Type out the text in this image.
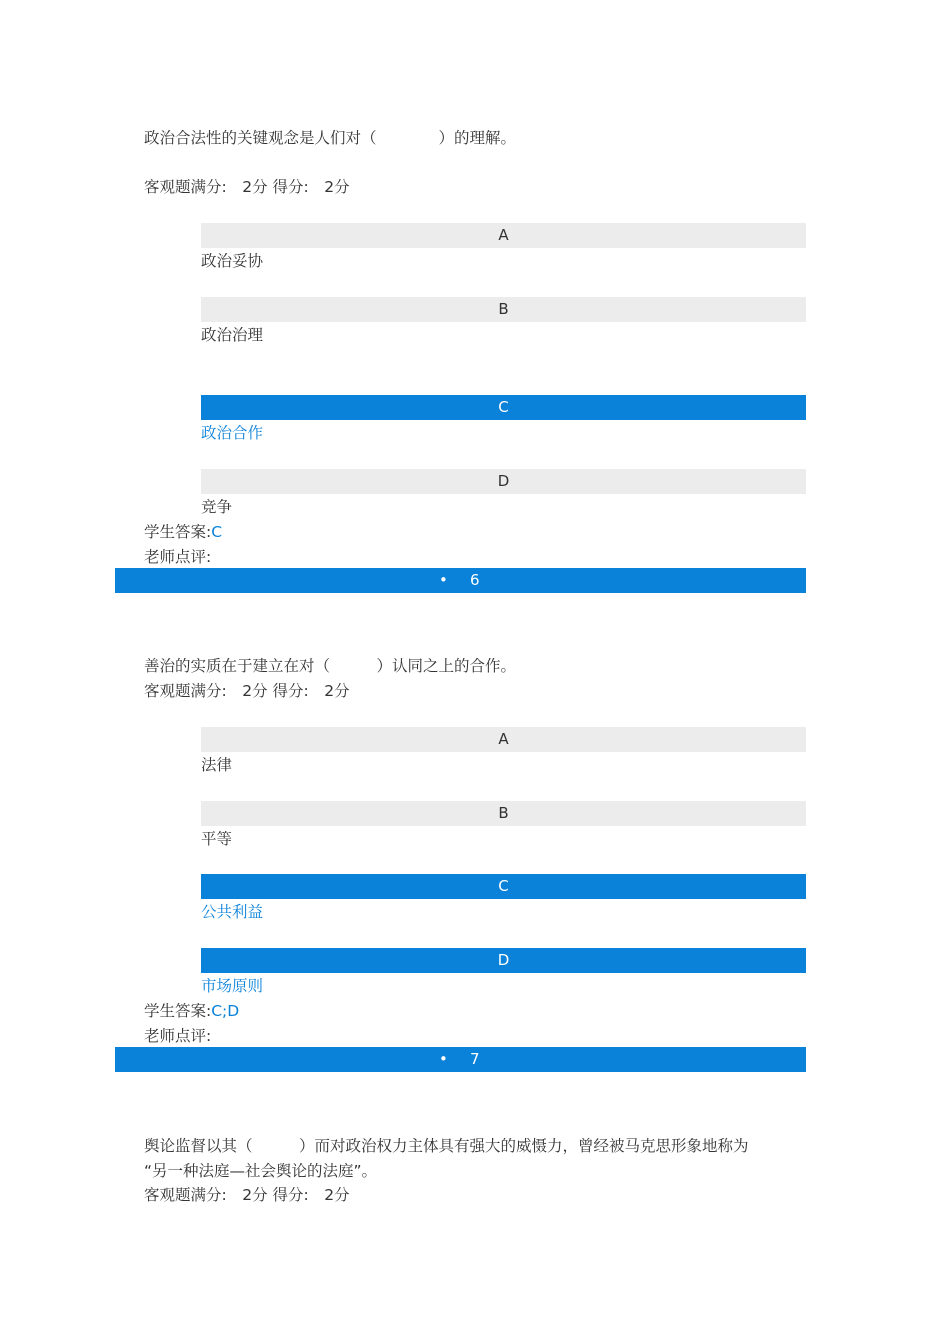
政治合法性的关键观念是人们对（　　　　）的理解。
客观题满分:　2分 得分:　2分
A
政治妥协
B
政治治理
C
政治合作
D
竞争
学生答案:C
老师点评:
• 6
善治的实质在于建立在对（　　　）认同之上的合作。
客观题满分:　2分 得分:　2分
A
法律
B
平等
C
公共利益
D
市场原则
学生答案:C;D
老师点评:
• 7
舆论监督以其（　　　）而对政治权力主体具有强大的威慑力，曾经被马克思形象地称为
“另一种法庭—社会舆论的法庭”。
客观题满分:　2分 得分:　2分
